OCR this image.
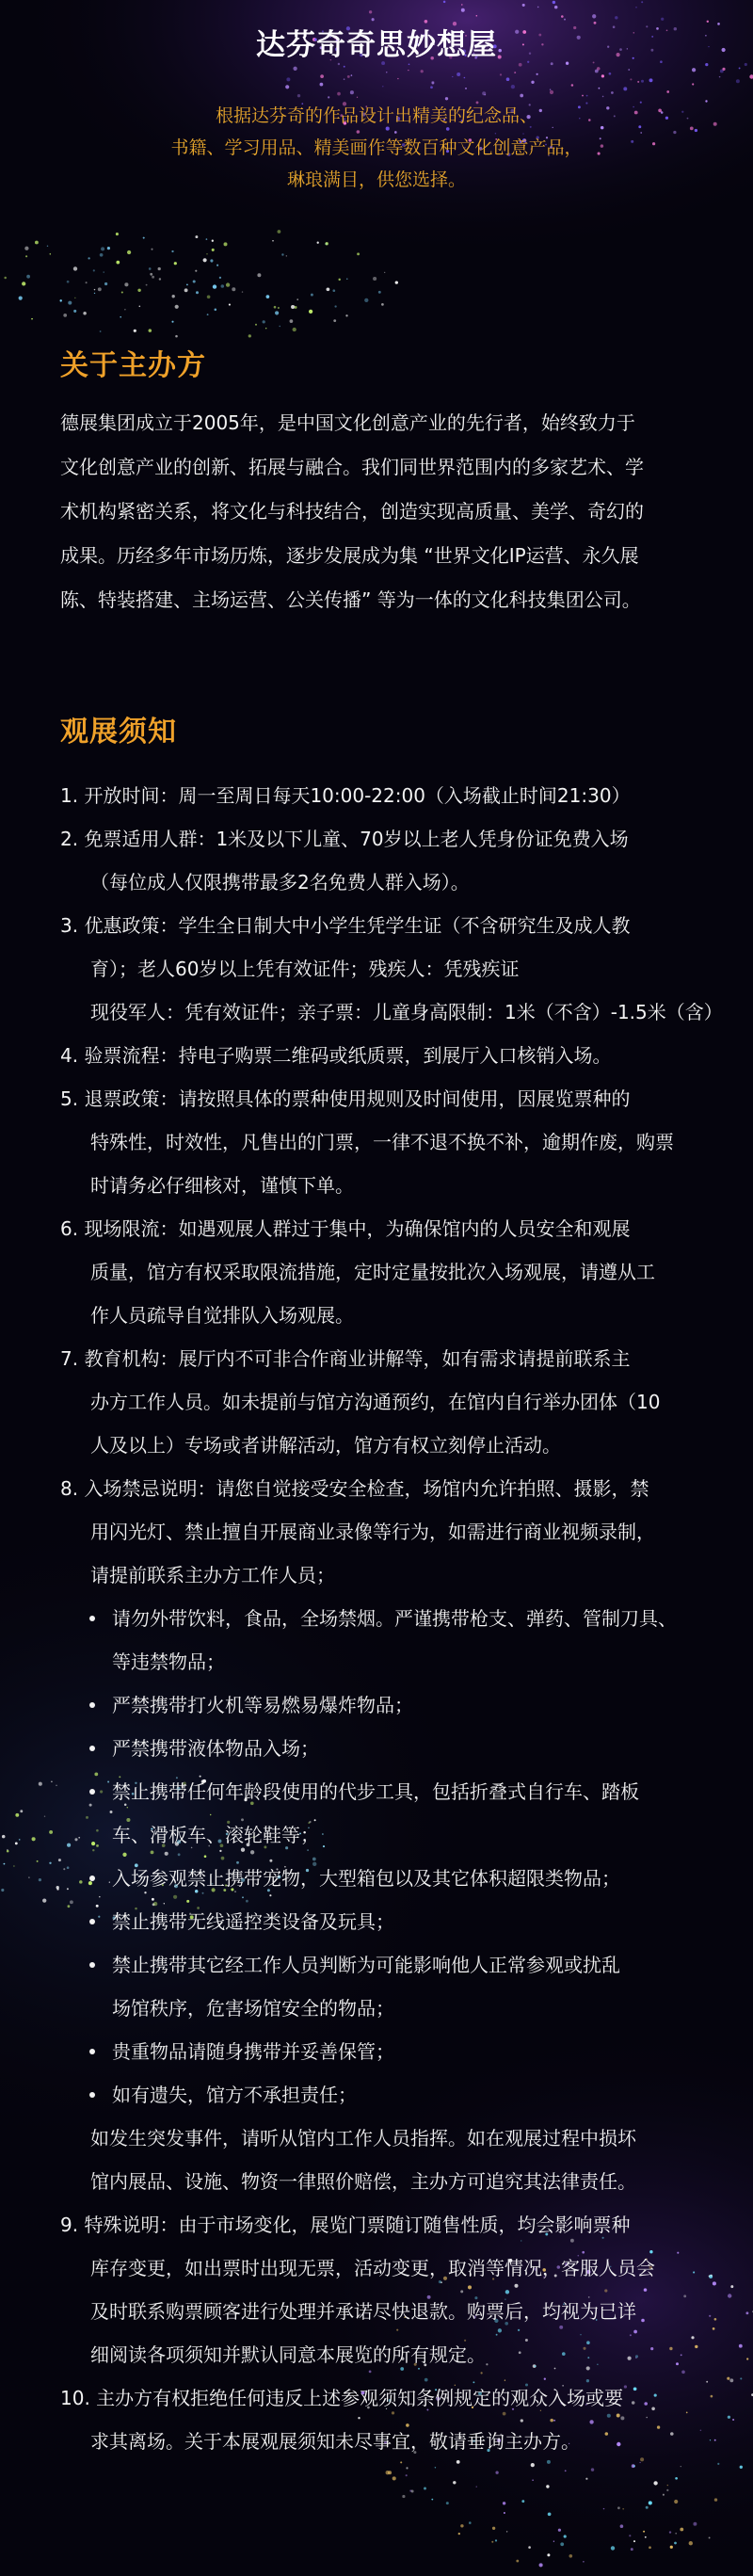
达芬奇奇思妙想屋
根据达芬奇的作品设计出精美的纪念品、
书籍、学习用品、精美画作等数百种文化创意产品，
琳琅满目，供您选择。
关于主办方
德展集团成立于2005年，是中国文化创意产业的先行者，始终致力于
文化创意产业的创新、拓展与融合。我们同世界范围内的多家艺术、学
术机构紧密关系，将文化与科技结合，创造实现高质量、美学、奇幻的
成果。历经多年市场历炼，逐步发展成为集 “世界文化IP运营、永久展
陈、特装搭建、主场运营、公关传播” 等为一体的文化科技集团公司。
观展须知
1. 开放时间：周一至周日每天10:00-22:00（入场截止时间21:30）
2. 免票适用人群：1米及以下儿童、70岁以上老人凭身份证免费入场
（每位成人仅限携带最多2名免费人群入场）。
3. 优惠政策：学生全日制大中小学生凭学生证（不含研究生及成人教
育）；老人60岁以上凭有效证件；残疾人：凭残疾证
现役军人：凭有效证件；亲子票：儿童身高限制：1米（不含）-1.5米（含）
4. 验票流程：持电子购票二维码或纸质票，到展厅入口核销入场。
5. 退票政策：请按照具体的票种使用规则及时间使用，因展览票种的
特殊性，时效性，凡售出的门票，一律不退不换不补，逾期作废，购票
时请务必仔细核对，谨慎下单。
6. 现场限流：如遇观展人群过于集中，为确保馆内的人员安全和观展
质量，馆方有权采取限流措施，定时定量按批次入场观展，请遵从工
作人员疏导自觉排队入场观展。
7. 教育机构：展厅内不可非合作商业讲解等，如有需求请提前联系主
办方工作人员。如未提前与馆方沟通预约，在馆内自行举办团体（10
人及以上）专场或者讲解活动，馆方有权立刻停止活动。
8. 入场禁忌说明：请您自觉接受安全检查，场馆内允许拍照、摄影，禁
用闪光灯、禁止擅自开展商业录像等行为，如需进行商业视频录制，
请提前联系主办方工作人员；
请勿外带饮料，食品，全场禁烟。严谨携带枪支、弹药、管制刀具、
等违禁物品；
严禁携带打火机等易燃易爆炸物品；
严禁携带液体物品入场；
禁止携带任何年龄段使用的代步工具，包括折叠式自行车、踏板
车、滑板车、滚轮鞋等；
入场参观禁止携带宠物，大型箱包以及其它体积超限类物品；
禁止携带无线遥控类设备及玩具；
禁止携带其它经工作人员判断为可能影响他人正常参观或扰乱
场馆秩序，危害场馆安全的物品；
贵重物品请随身携带并妥善保管；
如有遗失，馆方不承担责任；
如发生突发事件，请听从馆内工作人员指挥。如在观展过程中损坏
馆内展品、设施、物资一律照价赔偿，主办方可追究其法律责任。
9. 特殊说明：由于市场变化，展览门票随订随售性质，均会影响票种
库存变更，如出票时出现无票，活动变更，取消等情况，客服人员会
及时联系购票顾客进行处理并承诺尽快退款。购票后，均视为已详
细阅读各项须知并默认同意本展览的所有规定。
10. 主办方有权拒绝任何违反上述参观须知条例规定的观众入场或要
求其离场。关于本展观展须知未尽事宜，敬请垂询主办方。
